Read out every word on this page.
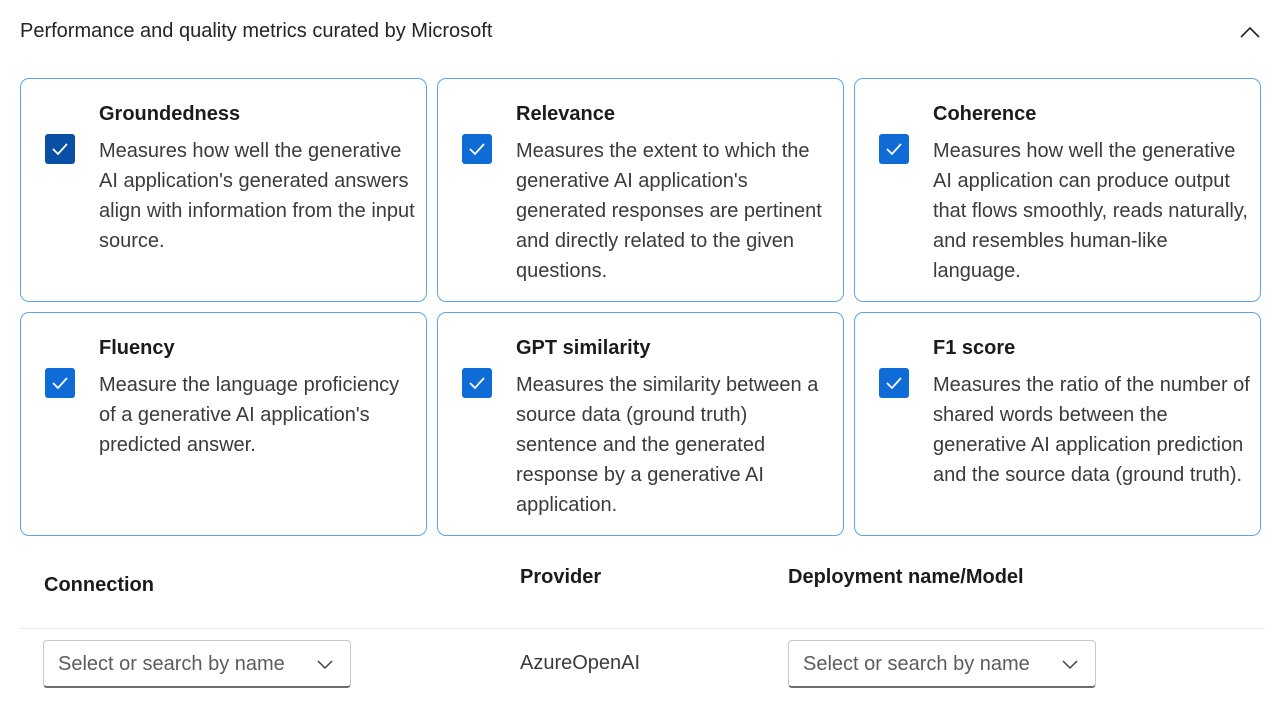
Performance and quality metrics curated by Microsoft
Groundedness
Measures how well the generative AI application's generated answers align with information from the input source.
Relevance
Measures the extent to which the generative AI application's generated responses are pertinent and directly related to the given questions.
Coherence
Measures how well the generative AI application can produce output that flows smoothly, reads naturally, and resembles human-like language.
Fluency
Measure the language proficiency of a generative AI application's predicted answer.
GPT similarity
Measures the similarity between a source data (ground truth) sentence and the generated response by a generative AI application.
F1 score
Measures the ratio of the number of shared words between the generative AI application prediction and the source data (ground truth).
Connection	Provider	Deployment name/Model
Select or search by name	AzureOpenAI	Select or search by name
